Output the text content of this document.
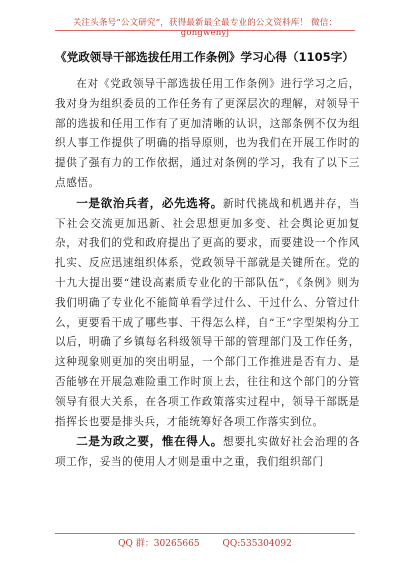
关注头条号“公文研究”，获得最新最全最专业的公文资料库！ 微信：gongwenyj
《党政领导干部选拔任用工作条例》学习心得（1105字）

在对《党政领导干部选拔任用工作条例》进行学习之后，我对身为组织委员的工作任务有了更深层次的理解，对领导干部的选拔和任用工作有了更加清晰的认识，这部条例不仅为组织人事工作提供了明确的指导原则，也为我们在开展工作时的提供了强有力的工作依据，通过对条例的学习，我有了以下三点感悟。

一是欲治兵者，必先选将。新时代挑战和机遇并存，当下社会交流更加迅新、社会思想更加多变、社会舆论更加复杂，对我们的党和政府提出了更高的要求，而要建设一个作风扎实、反应迅速组织体系，党政领导干部就是关键所在。党的十九大提出要“建设高素质专业化的干部队伍”，《条例》则为我们明确了专业化不能简单看学过什么、干过什么、分管过什么，更要看干成了哪些事、干得怎么样，自“王”字型架构分工以后，明确了乡镇每名科级领导干部的管理部门及工作任务，这种现象则更加的突出明显，一个部门工作推进是否有力、是否能够在开展急难险重工作时顶上去，往往和这个部门的分管领导有很大关系，在各项工作政策落实过程中，领导干部既是指挥长也要是排头兵，才能统筹好各项工作落实到位。

二是为政之要，惟在得人。想要扎实做好社会治理的各项工作，妥当的使用人才则是重中之重，我们组织部门

QQ 群：30265665	QQ:535304092
